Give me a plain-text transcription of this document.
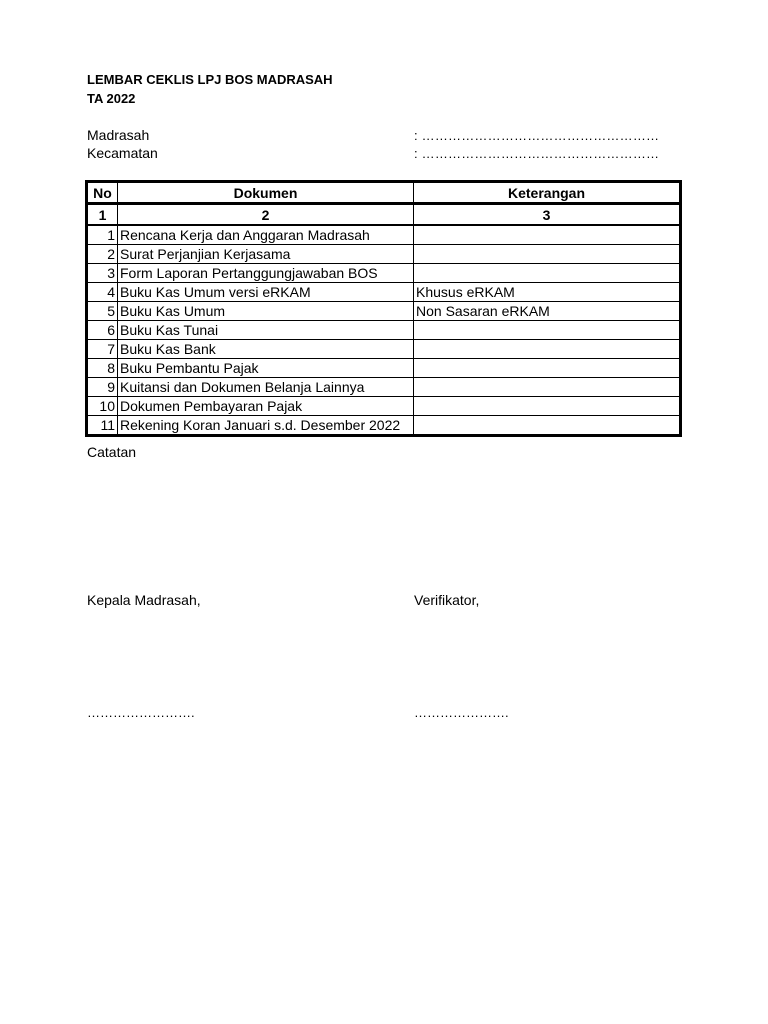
LEMBAR CEKLIS LPJ BOS MADRASAH
TA 2022
Madrasah	: ………………………………………………
Kecamatan	: ………………………………………………
No	Dokumen	Keterangan
1	2	3
1	Rencana Kerja dan Anggaran Madrasah	
2	Surat Perjanjian Kerjasama	
3	Form Laporan Pertanggungjawaban BOS	
4	Buku Kas Umum versi eRKAM	Khusus eRKAM
5	Buku Kas Umum	Non Sasaran eRKAM
6	Buku Kas Tunai	
7	Buku Kas Bank	
8	Buku Pembantu Pajak	
9	Kuitansi dan Dokumen Belanja Lainnya	
10	Dokumen Pembayaran Pajak	
11	Rekening Koran Januari s.d. Desember 2022	
Catatan
Kepala Madrasah,	Verifikator,
…………………….	………………….
